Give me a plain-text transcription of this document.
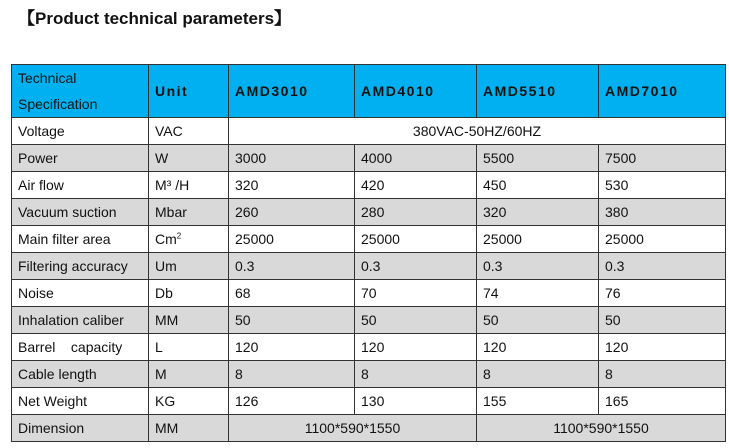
【Product technical parameters】
Technical
Specification	Unit	AMD3010	AMD4010	AMD5510	AMD7010
Voltage	VAC	380VAC-50HZ/60HZ			
Power	W	3000	4000	5500	7500
Air flow	M³ /H	320	420	450	530
Vacuum suction	Mbar	260	280	320	380
Main filter area	Cm$^2$	25000	25000	25000	25000
Filtering accuracy	Um	0.3	0.3	0.3	0.3
Noise	Db	68	70	74	76
Inhalation caliber	MM	50	50	50	50
Barrel    capacity	L	120	120	120	120
Cable length	M	8	8	8	8
Net Weight	KG	126	130	155	165
Dimension	MM	1100*590*1550		1100*590*1550	
